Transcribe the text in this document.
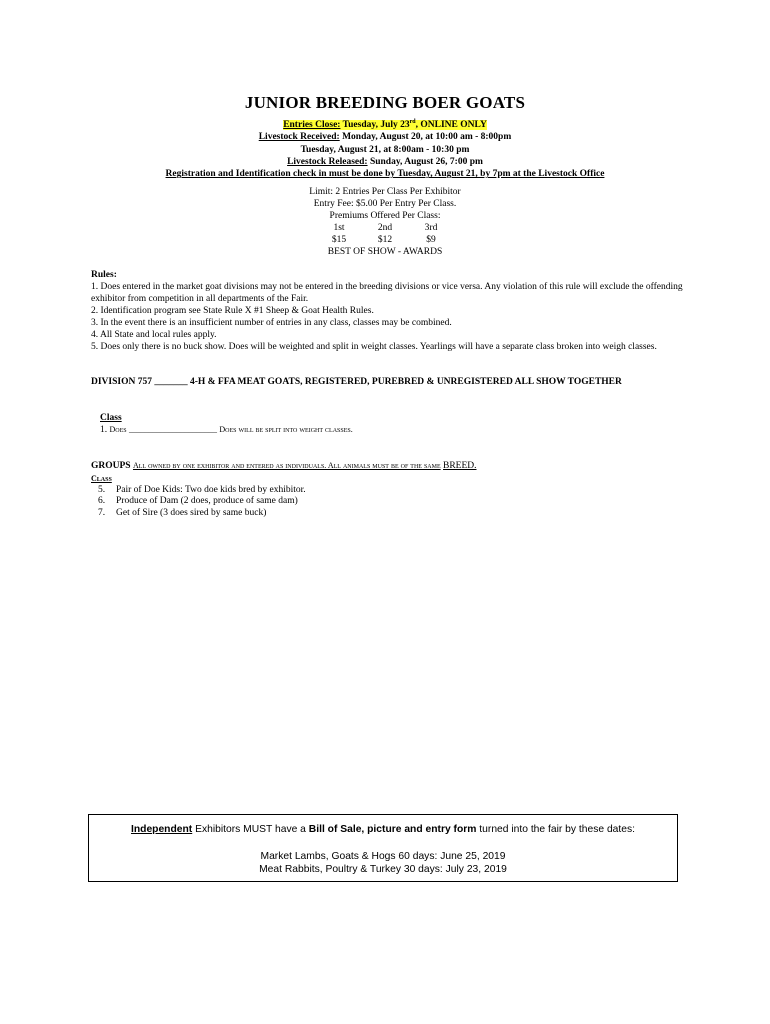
JUNIOR BREEDING BOER GOATS
Entries Close: Tuesday, July 23rd, ONLINE ONLY
Livestock Received: Monday, August 20, at 10:00 am - 8:00pm
Tuesday, August 21, at 8:00am - 10:30 pm
Livestock Released: Sunday, August 26, 7:00 pm
Registration and Identification check in must be done by Tuesday, August 21, by 7pm at the Livestock Office
Limit: 2 Entries Per Class Per Exhibitor
Entry Fee: $5.00 Per Entry Per Class.
Premiums Offered Per Class:
1st	2nd	3rd
$15	$12	$9
BEST OF SHOW - AWARDS
Rules:
1. Does entered in the market goat divisions may not be entered in the breeding divisions or vice versa. Any violation of this rule will exclude the offending exhibitor from competition in all departments of the Fair.
2. Identification program see State Rule X #1 Sheep & Goat Health Rules.
3. In the event there is an insufficient number of entries in any class, classes may be combined.
4. All State and local rules apply.
5. Does only there is no buck show. Does will be weighted and split in weight classes. Yearlings will have a separate class broken into weigh classes.
DIVISION 757 _______ 4-H & FFA MEAT GOATS, REGISTERED, PUREBRED & UNREGISTERED ALL SHOW TOGETHER
Class
1. Does ______________________ Does will be split into weight classes.
GROUPS All owned by one exhibitor and entered as individuals. All animals must be of the same BREED.
Class
5. Pair of Doe Kids: Two doe kids bred by exhibitor.
6. Produce of Dam (2 does, produce of same dam)
7. Get of Sire (3 does sired by same buck)
Independent Exhibitors MUST have a Bill of Sale, picture and entry form turned into the fair by these dates:
Market Lambs, Goats & Hogs 60 days: June 25, 2019
Meat Rabbits, Poultry & Turkey 30 days: July 23, 2019
